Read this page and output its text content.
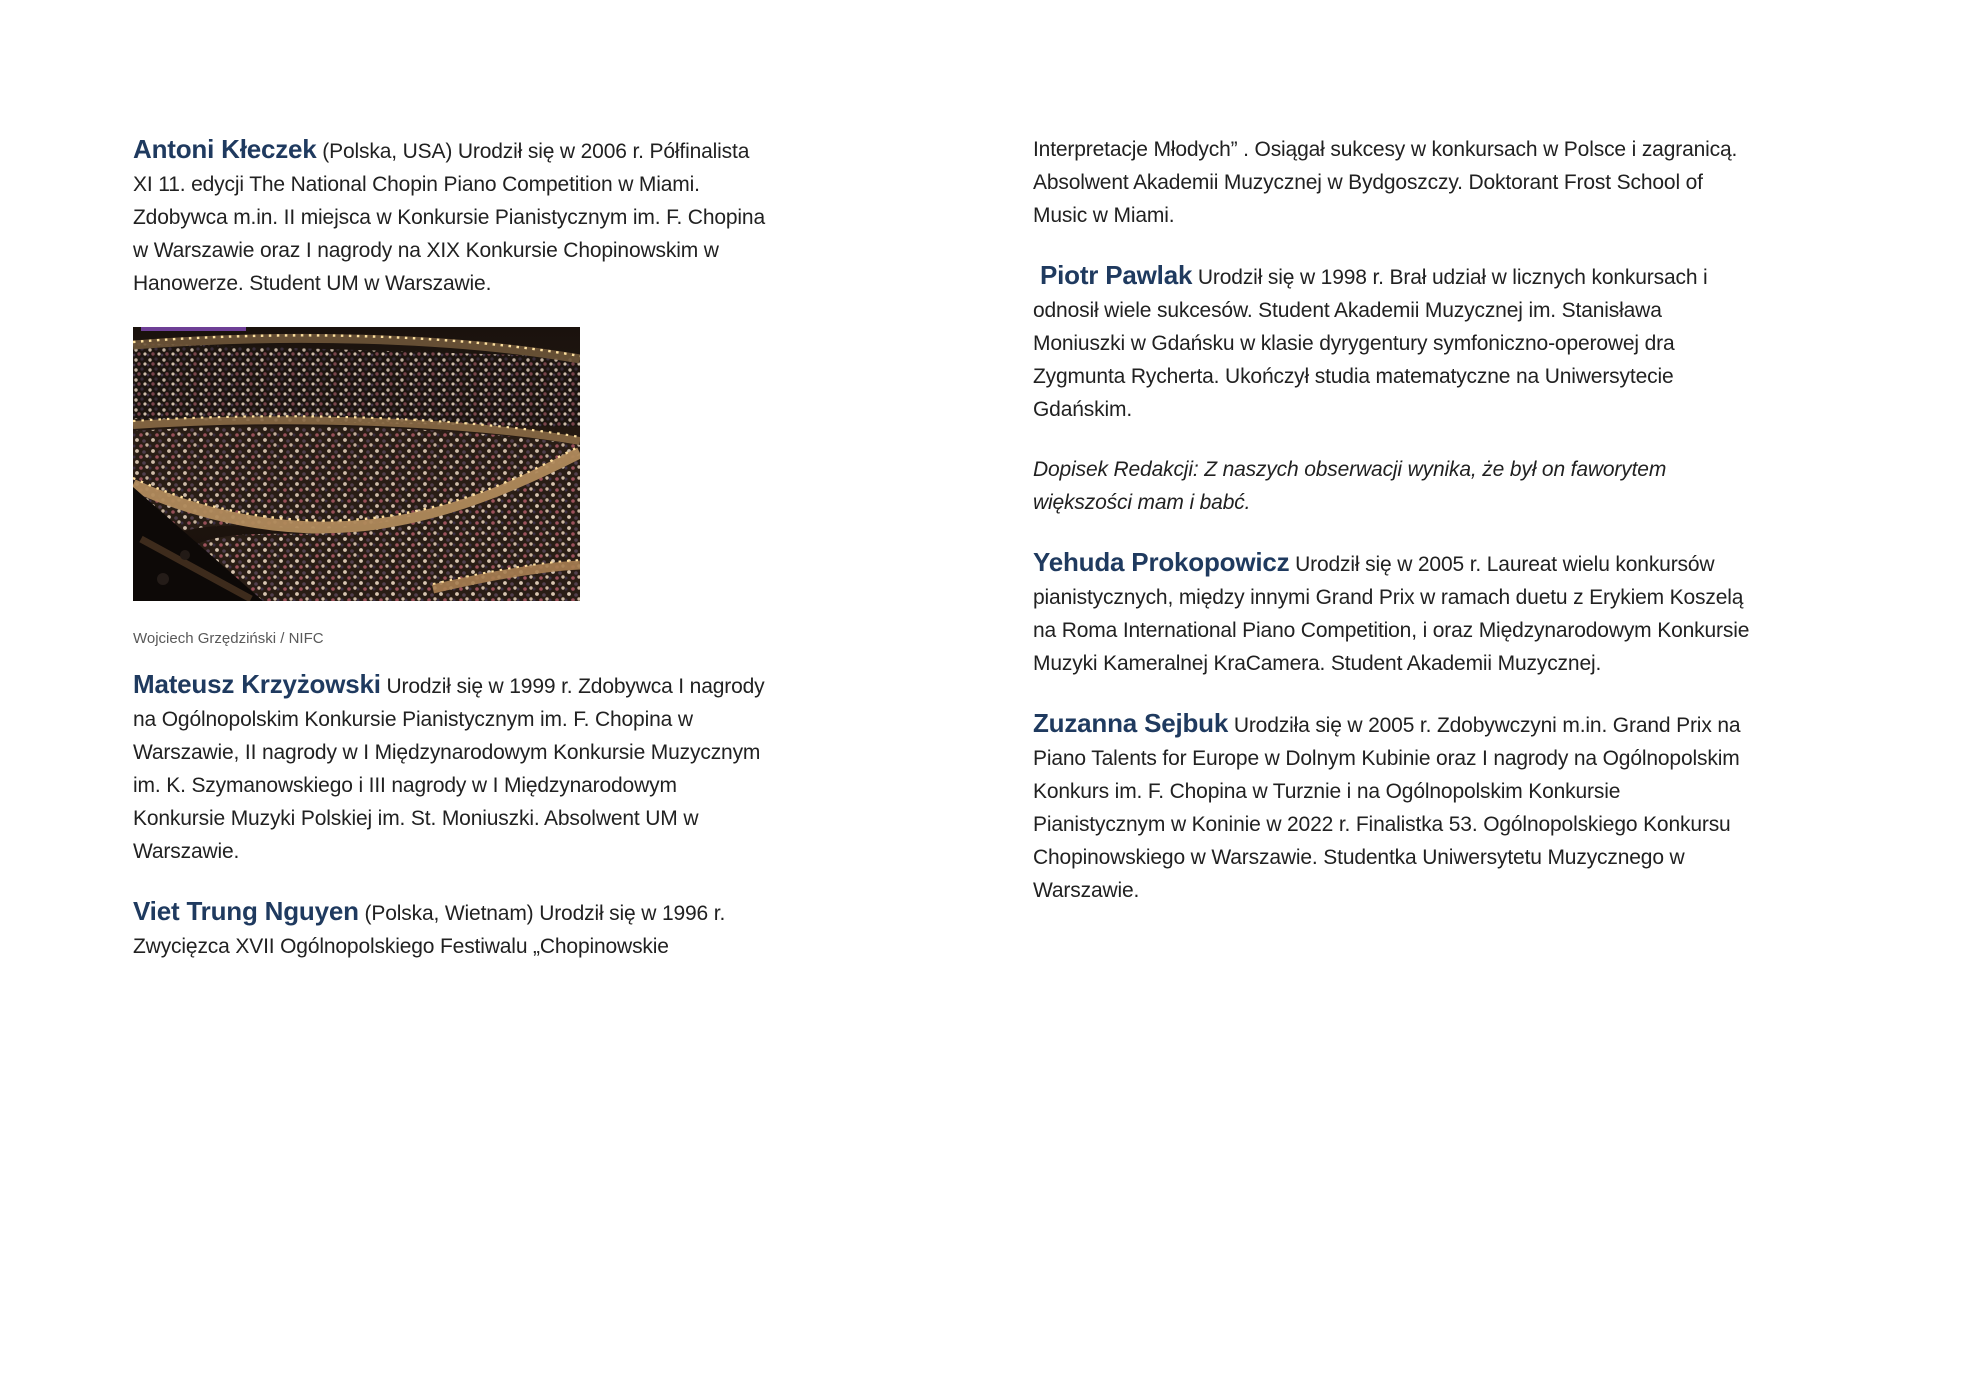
Antoni Kłeczek (Polska, USA) Urodził się w 2006 r. Półfinalista XI 11. edycji The National Chopin Piano Competition w Miami. Zdobywca m.in. II miejsca w Konkursie Pianistycznym im. F. Chopina w Warszawie oraz I nagrody na XIX Konkursie Chopinowskim w Hanowerze. Student UM w Warszawie.

Wojciech Grzędziński / NIFC

Mateusz Krzyżowski Urodził się w 1999 r. Zdobywca I nagrody na Ogólnopolskim Konkursie Pianistycznym im. F. Chopina w Warszawie, II nagrody w I Międzynarodowym Konkursie Muzycznym im. K. Szymanowskiego i III nagrody w I Międzynarodowym Konkursie Muzyki Polskiej im. St. Moniuszki. Absolwent UM w Warszawie.

Viet Trung Nguyen (Polska, Wietnam) Urodził się w 1996 r. Zwycięzca XVII Ogólnopolskiego Festiwalu „Chopinowskie

Interpretacje Młodych” . Osiągał sukcesy w konkursach w Polsce i zagranicą. Absolwent Akademii Muzycznej w Bydgoszczy. Doktorant Frost School of Music w Miami.

Piotr Pawlak Urodził się w 1998 r. Brał udział w licznych konkursach i odnosił wiele sukcesów. Student Akademii Muzycznej im. Stanisława Moniuszki w Gdańsku w klasie dyrygentury symfoniczno-operowej dra Zygmunta Rycherta. Ukończył studia matematyczne na Uniwersytecie Gdańskim.

Dopisek Redakcji: Z naszych obserwacji wynika, że był on faworytem większości mam i babć.

Yehuda Prokopowicz Urodził się w 2005 r. Laureat wielu konkursów pianistycznych, między innymi Grand Prix w ramach duetu z Erykiem Koszelą na Roma International Piano Competition, i oraz Międzynarodowym Konkursie Muzyki Kameralnej KraCamera. Student Akademii Muzycznej.

Zuzanna Sejbuk Urodziła się w 2005 r. Zdobywczyni m.in. Grand Prix na Piano Talents for Europe w Dolnym Kubinie oraz I nagrody na Ogólnopolskim Konkurs im. F. Chopina w Turznie i na Ogólnopolskim Konkursie Pianistycznym w Koninie w 2022 r. Finalistka 53. Ogólnopolskiego Konkursu Chopinowskiego w Warszawie. Studentka Uniwersytetu Muzycznego w Warszawie.
